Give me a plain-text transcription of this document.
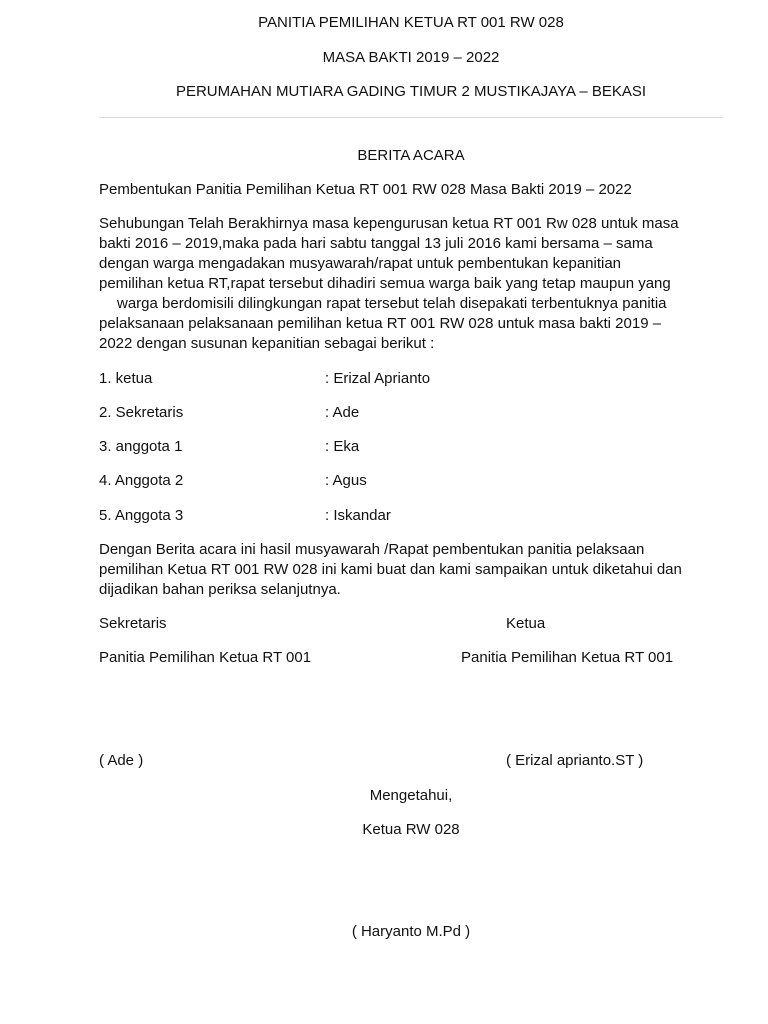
PANITIA PEMILIHAN KETUA RT 001 RW 028
MASA BAKTI 2019 – 2022
PERUMAHAN MUTIARA GADING TIMUR 2 MUSTIKAJAYA – BEKASI
BERITA ACARA
Pembentukan Panitia Pemilihan Ketua RT 001 RW 028 Masa Bakti 2019 – 2022
Sehubungan Telah Berakhirnya masa kepengurusan ketua RT 001 Rw 028 untuk masa
bakti 2016 – 2019,maka pada hari sabtu tanggal 13 juli 2016 kami bersama – sama
dengan warga mengadakan musyawarah/rapat untuk pembentukan kepanitian
pemilihan ketua RT,rapat tersebut dihadiri semua warga baik yang tetap maupun yang
warga berdomisili dilingkungan rapat tersebut telah disepakati terbentuknya panitia
pelaksanaan pelaksanaan pemilihan ketua RT 001 RW 028 untuk masa bakti 2019 –
2022 dengan susunan kepanitian sebagai berikut :
1. ketua	: Erizal Aprianto
2. Sekretaris	: Ade
3. anggota 1	: Eka
4. Anggota 2	: Agus
5. Anggota 3	: Iskandar
Dengan Berita acara ini hasil musyawarah /Rapat pembentukan panitia pelaksaan
pemilihan Ketua RT 001 RW 028 ini kami buat dan kami sampaikan untuk diketahui dan
dijadikan bahan periksa selanjutnya.
Sekretaris	Ketua
Panitia Pemilihan Ketua RT 001	Panitia Pemilihan Ketua RT 001
( Ade )	( Erizal aprianto.ST )
Mengetahui,
Ketua RW 028
( Haryanto M.Pd )
